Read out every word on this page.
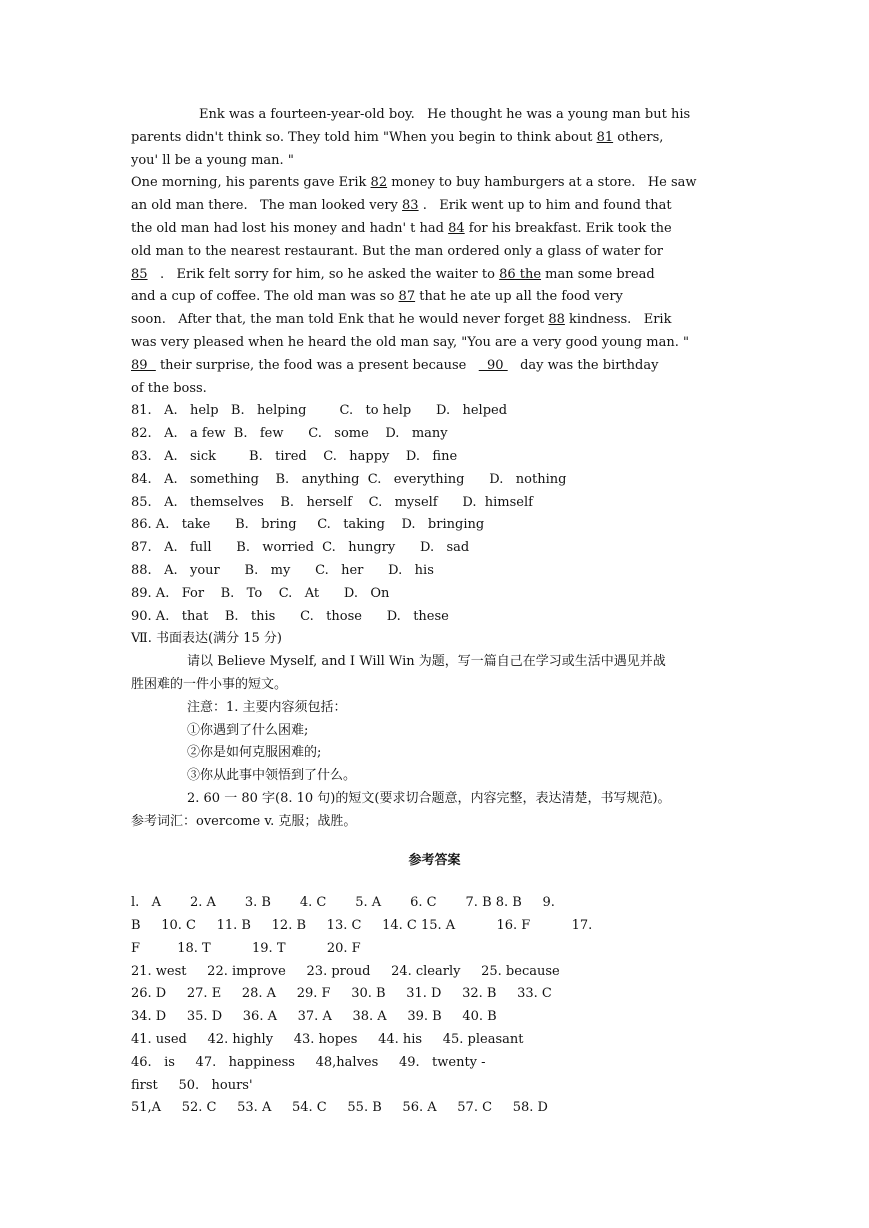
Enk was a fourteen-year-old boy.   He thought he was a young man but his
parents didn't think so. They told him "When you begin to think about 81 others,
you' ll be a young man. "
One morning, his parents gave Erik 82 money to buy hamburgers at a store.   He saw
an old man there.   The man looked very 83 .   Erik went up to him and found that
the old man had lost his money and hadn' t had 84 for his breakfast. Erik took the
old man to the nearest restaurant. But the man ordered only a glass of water for
85   .   Erik felt sorry for him, so he asked the waiter to 86 the man some bread
and a cup of coffee. The old man was so 87 that he ate up all the food very
soon.   After that, the man told Enk that he would never forget 88 kindness.   Erik
was very pleased when he heard the old man say, "You are a very good young man. "
89   their surprise, the food was a present because     90    day was the birthday
of the boss.
81.   A.   help   B.   helping        C.   to help      D.   helped
82.   A.   a few  B.   few      C.   some    D.   many
83.   A.   sick        B.   tired    C.   happy    D.   fine
84.   A.   something    B.   anything  C.   everything      D.   nothing
85.   A.   themselves    B.   herself    C.   myself      D.  himself
86. A.   take      B.   bring     C.   taking    D.   bringing
87.   A.   full      B.   worried  C.   hungry      D.   sad
88.   A.   your      B.   my      C.   her      D.   his
89. A.   For    B.   To    C.   At      D.   On
90. A.   that    B.   this      C.   those      D.   these
Ⅶ. 书面表达(满分 15 分)
请以 Believe Myself, and I Will Win 为题，写一篇自己在学习或生活中遇见并战
胜困难的一件小事的短文。
注意：1. 主要内容须包括：
①你遇到了什么困难;
②你是如何克服困难的;
③你从此事中领悟到了什么。
2. 60 一 80 字(8. 10 句)的短文(要求切合题意，内容完整，表达清楚，书写规范)。
参考词汇：overcome v. 克服；战胜。
参考答案
l.   A       2. A       3. B       4. C       5. A       6. C       7. B 8. B     9.
B     10. C     11. B     12. B     13. C     14. C 15. A          16. F          17.
F         18. T          19. T          20. F
21. west     22. improve     23. proud     24. clearly     25. because
26. D     27. E     28. A     29. F     30. B     31. D     32. B     33. C
34. D     35. D     36. A     37. A     38. A     39. B     40. B
41. used     42. highly     43. hopes     44. his     45. pleasant
46.   is     47.   happiness     48,halves     49.   twenty -
first     50.   hours'
51,A     52. C     53. A     54. C     55. B     56. A     57. C     58. D
